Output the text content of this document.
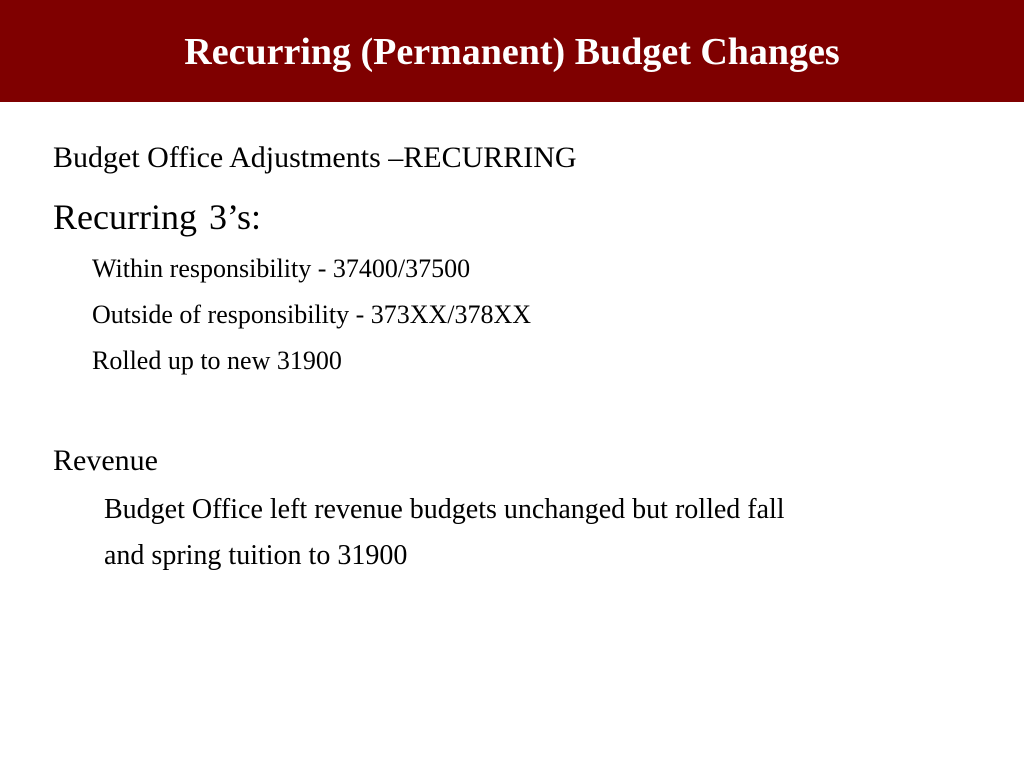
Recurring (Permanent) Budget Changes
Budget Office Adjustments –RECURRING
Recurring 3’s:
Within responsibility - 37400/37500
Outside of responsibility - 373XX/378XX
Rolled up to new 31900
Revenue
Budget Office left revenue budgets unchanged but rolled fall
and spring tuition to 31900
